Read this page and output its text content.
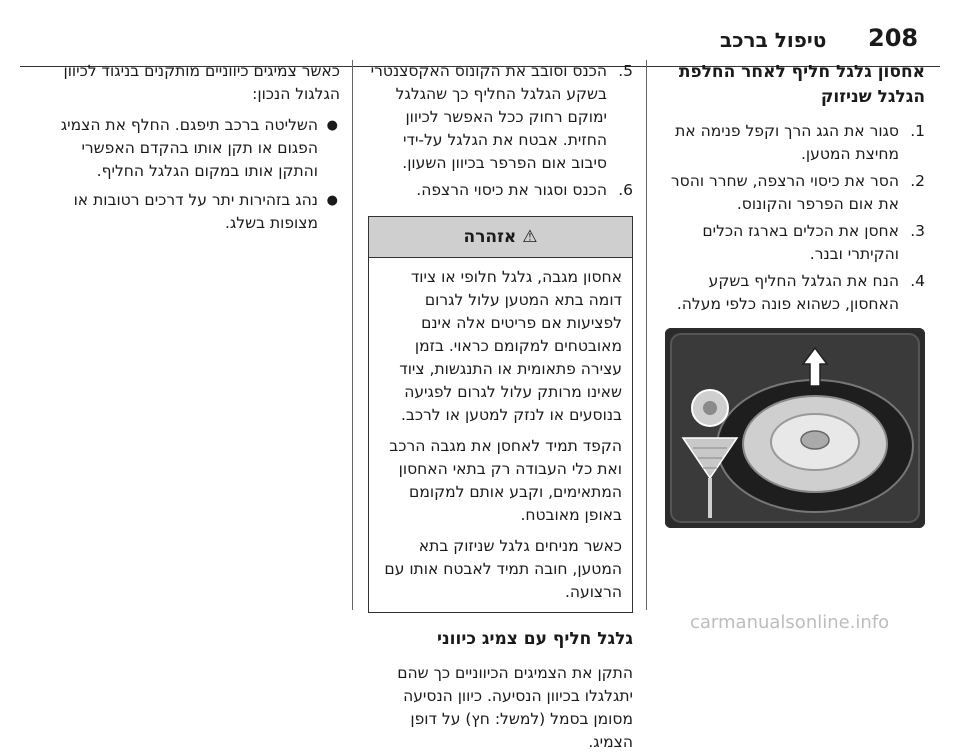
208
טיפול ברכב
אחסון גלגל חליף לאחר החלפת הגלגל שניזוק
1.
סגור את הגג הרך וקפל פנימה את מחיצת המטען.
2.
הסר את כיסוי הרצפה, שחרר והסר את אום הפרפר והקונוס.
3.
אחסן את הכלים בארגז הכלים והקיתרי ובנר.
4.
הנח את הגלגל החליף בשקע האחסון, כשהוא פונה כלפי מעלה.
5.
הכנס וסובב את הקונוס האקסצנטרי בשקע הגלגל החליף כך שהגלגל ימוקם רחוק ככל האפשר לכיוון החזית. אבטח את הגלגל על-ידי סיבוב אום הפרפר בכיוון השעון.
6.
הכנס וסגור את כיסוי הרצפה.
⚠ אזהרה

אחסון מגבה, גלגל חלופי או ציוד דומה בתא המטען עלול לגרום לפציעות אם פריטים אלה אינם מאובטחים למקומם כראוי. בזמן עצירה פתאומית או התנגשות, ציוד שאינו מרותק עלול לגרום לפגיעה בנוסעים או לנזק למטען או לרכב.

הקפד תמיד לאחסן את מגבה הרכב ואת כלי העבודה רק בתאי האחסון המתאימים, וקבע אותם למקומם באופן מאובטח.

כאשר מניחים גלגל שניזוק בתא המטען, חובה תמיד לאבטח אותו עם הרצועה.

גלגל חליף עם צמיג כיווני
התקן את הצמיגים הכיווניים כך שהם יתגלגלו בכיוון הנסיעה. כיוון הנסיעה מסומן בסמל (למשל: חץ) על דופן הצמיג.
כאשר צמיגים כיווניים מותקנים בניגוד לכיוון הגלגול הנכון:
●
השליטה ברכב תיפגם. החלף את הצמיג הפגום או תקן אותו בהקדם האפשרי והתקן אותו במקום הגלגל החליף.
●
נהג בזהירות יתר על דרכים רטובות או מצופות בשלג.
carmanualsonline.info
